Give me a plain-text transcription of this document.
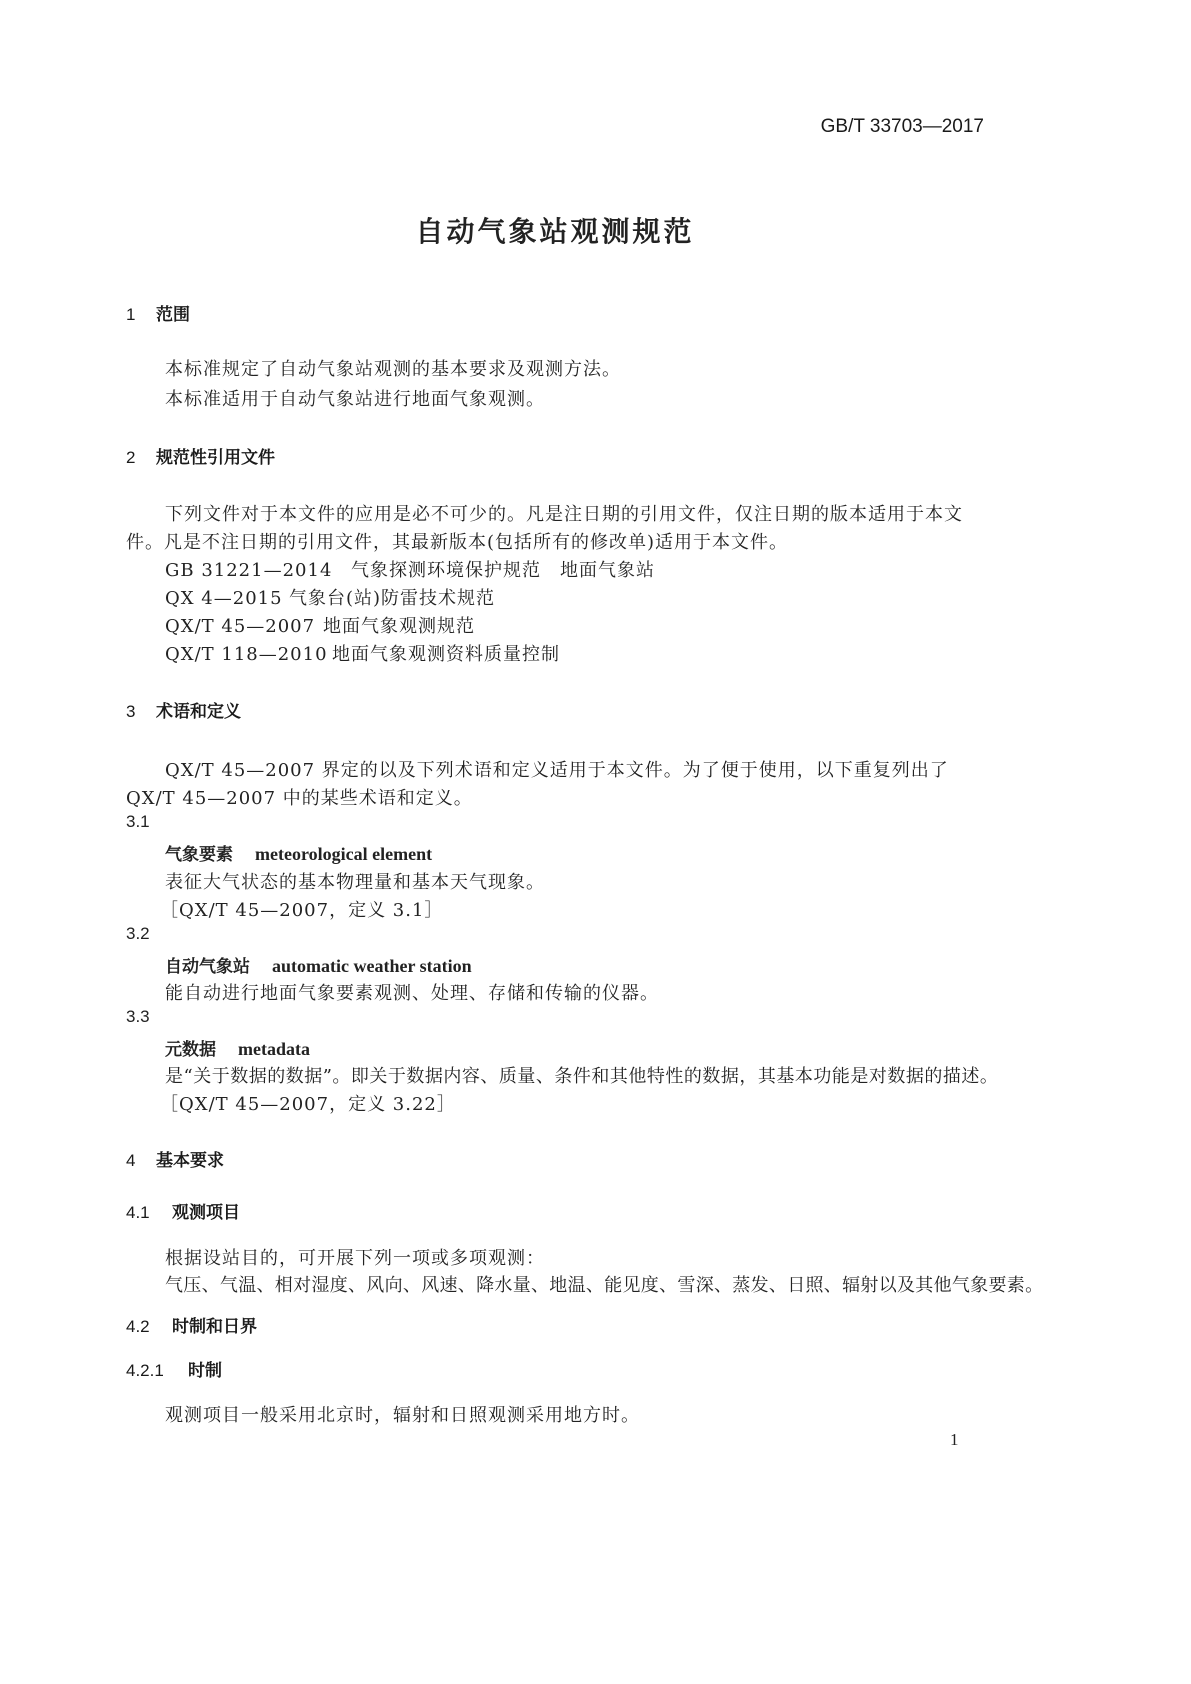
GB/T 33703—2017
自动气象站观测规范
1 范围
本标准规定了自动气象站观测的基本要求及观测方法。
本标准适用于自动气象站进行地面气象观测。
2 规范性引用文件
下列文件对于本文件的应用是必不可少的。凡是注日期的引用文件，仅注日期的版本适用于本文
件。凡是不注日期的引用文件，其最新版本(包括所有的修改单)适用于本文件。
GB 31221—2014 气象探测环境保护规范　地面气象站
QX 4—2015 气象台(站)防雷技术规范
QX/T 45—2007 地面气象观测规范
QX/T 118—2010 地面气象观测资料质量控制
3 术语和定义
QX/T 45—2007 界定的以及下列术语和定义适用于本文件。为了便于使用，以下重复列出了
QX/T 45—2007 中的某些术语和定义。
3.1
气象要素 meteorological element
表征大气状态的基本物理量和基本天气现象。
［QX/T 45—2007，定义 3.1］
3.2
自动气象站 automatic weather station
能自动进行地面气象要素观测、处理、存储和传输的仪器。
3.3
元数据 metadata
是“关于数据的数据”。即关于数据内容、质量、条件和其他特性的数据，其基本功能是对数据的描述。
［QX/T 45—2007，定义 3.22］
4 基本要求
4.1 观测项目
根据设站目的，可开展下列一项或多项观测：
气压、气温、相对湿度、风向、风速、降水量、地温、能见度、雪深、蒸发、日照、辐射以及其他气象要素。
4.2 时制和日界
4.2.1 时制
观测项目一般采用北京时，辐射和日照观测采用地方时。
1
